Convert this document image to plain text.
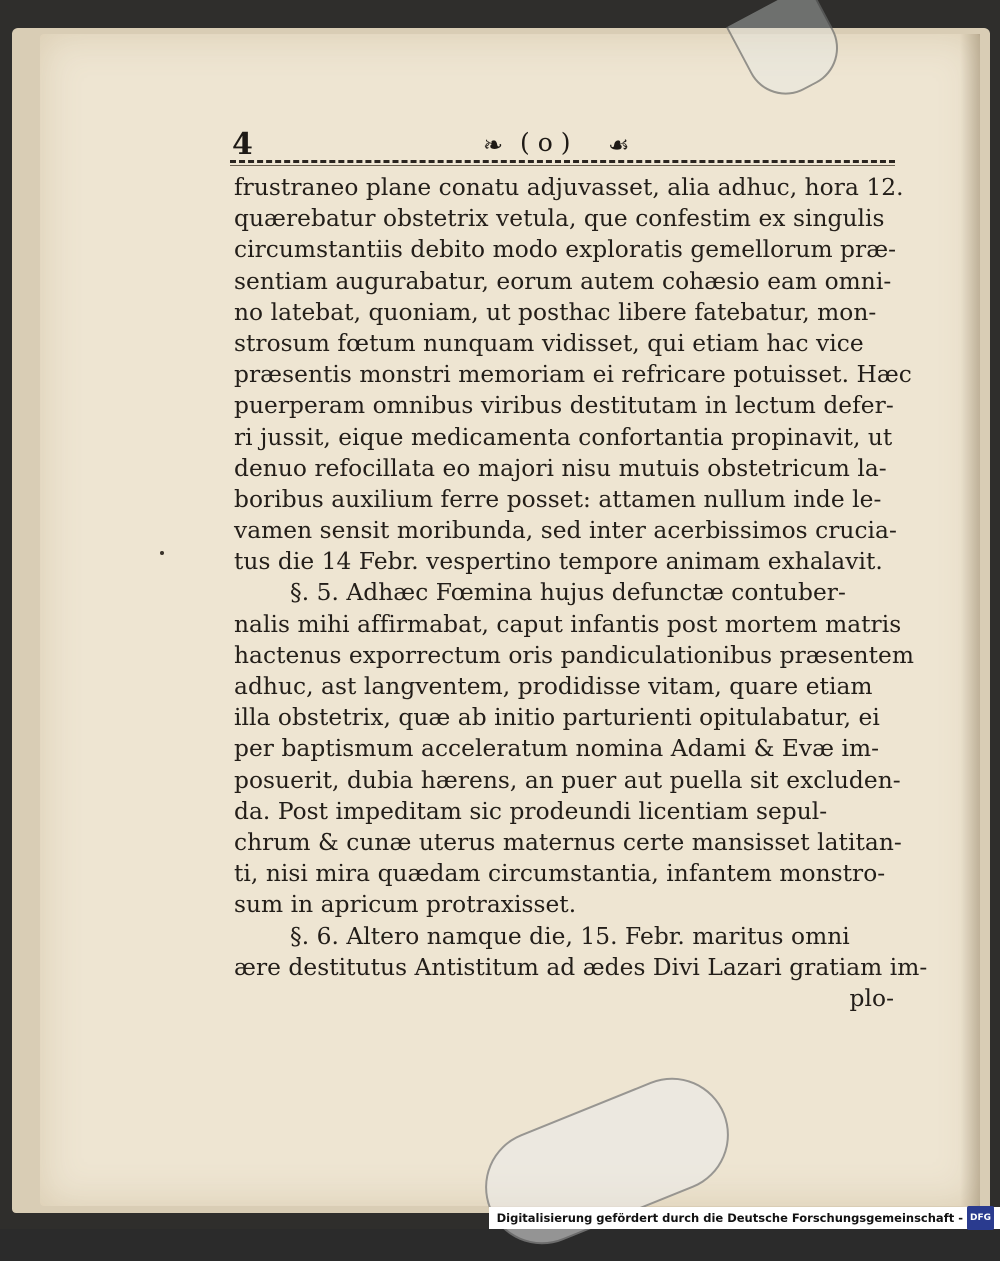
4	❧ ( o ) ☙
frustraneo plane conatu adjuvasset, alia adhuc, hora 12.
quærebatur obstetrix vetula, que confestim ex singulis
circumstantiis debito modo exploratis gemellorum præ-
sentiam augurabatur, eorum autem cohæsio eam omni-
no latebat, quoniam, ut posthac libere fatebatur, mon-
strosum fœtum nunquam vidisset, qui etiam hac vice
præsentis monstri memoriam ei refricare potuisset. Hæc
puerperam omnibus viribus destitutam in lectum defer-
ri jussit, eique medicamenta confortantia propinavit, ut
denuo refocillata eo majori nisu mutuis obstetricum la-
boribus auxilium ferre posset: attamen nullum inde le-
vamen sensit moribunda, sed inter acerbissimos crucia-
tus die 14 Febr. vespertino tempore animam exhalavit.
§. 5. Adhæc Fœmina hujus defunctæ contuber-
nalis mihi affirmabat, caput infantis post mortem matris
hactenus exporrectum oris pandiculationibus præsentem
adhuc, ast langventem, prodidisse vitam, quare etiam
illa obstetrix, quæ ab initio parturienti opitulabatur, ei
per baptismum acceleratum nomina Adami & Evæ im-
posuerit, dubia hærens, an puer aut puella sit excluden-
da. Post impeditam sic prodeundi licentiam sepul-
chrum & cunæ uterus maternus certe mansisset latitan-
ti, nisi mira quædam circumstantia, infantem monstro-
sum in apricum protraxisset.
§. 6. Altero namque die, 15. Febr. maritus omni
ære destitutus Antistitum ad ædes Divi Lazari gratiam im-
plo-
Digitalisierung gefördert durch die Deutsche Forschungsgemeinschaft - DFG
